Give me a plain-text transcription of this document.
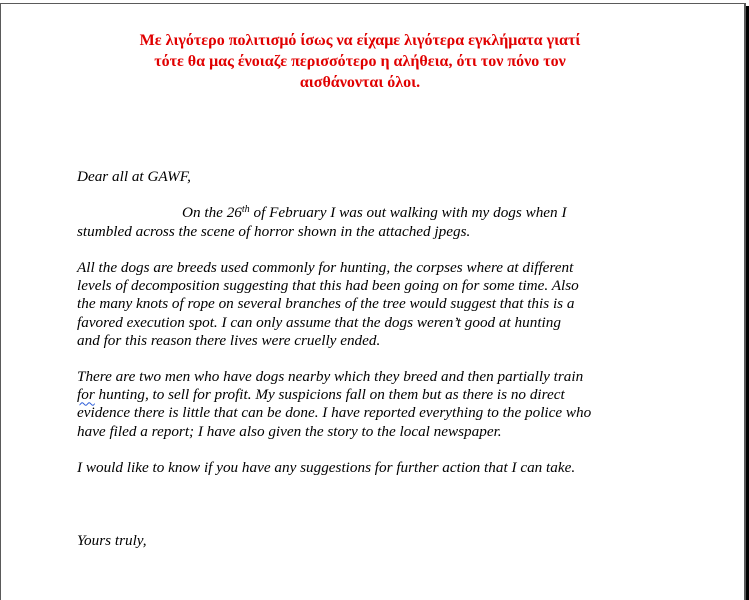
Με λιγότερο πολιτισμό ίσως να είχαμε λιγότερα εγκλήματα γιατί
τότε θα μας ένοιαζε περισσότερο η αλήθεια, ότι τον πόνο τον
αισθάνονται όλοι.
Dear all at GAWF,
On the 26th of February I was out walking with my dogs when I
stumbled across the scene of horror shown in the attached jpegs.
All the dogs are breeds used commonly for hunting, the corpses where at different
levels of decomposition suggesting that this had been going on for some time. Also
the many knots of rope on several branches of the tree would suggest that this is a
favored execution spot. I can only assume that the dogs weren’t good at hunting
and for this reason there lives were cruelly ended.
There are two men who have dogs nearby which they breed and then partially train
for hunting, to sell for profit. My suspicions fall on them but as there is no direct
evidence there is little that can be done. I have reported everything to the police who
have filed a report; I have also given the story to the local newspaper.
I would like to know if you have any suggestions for further action that I can take.
Yours truly,
